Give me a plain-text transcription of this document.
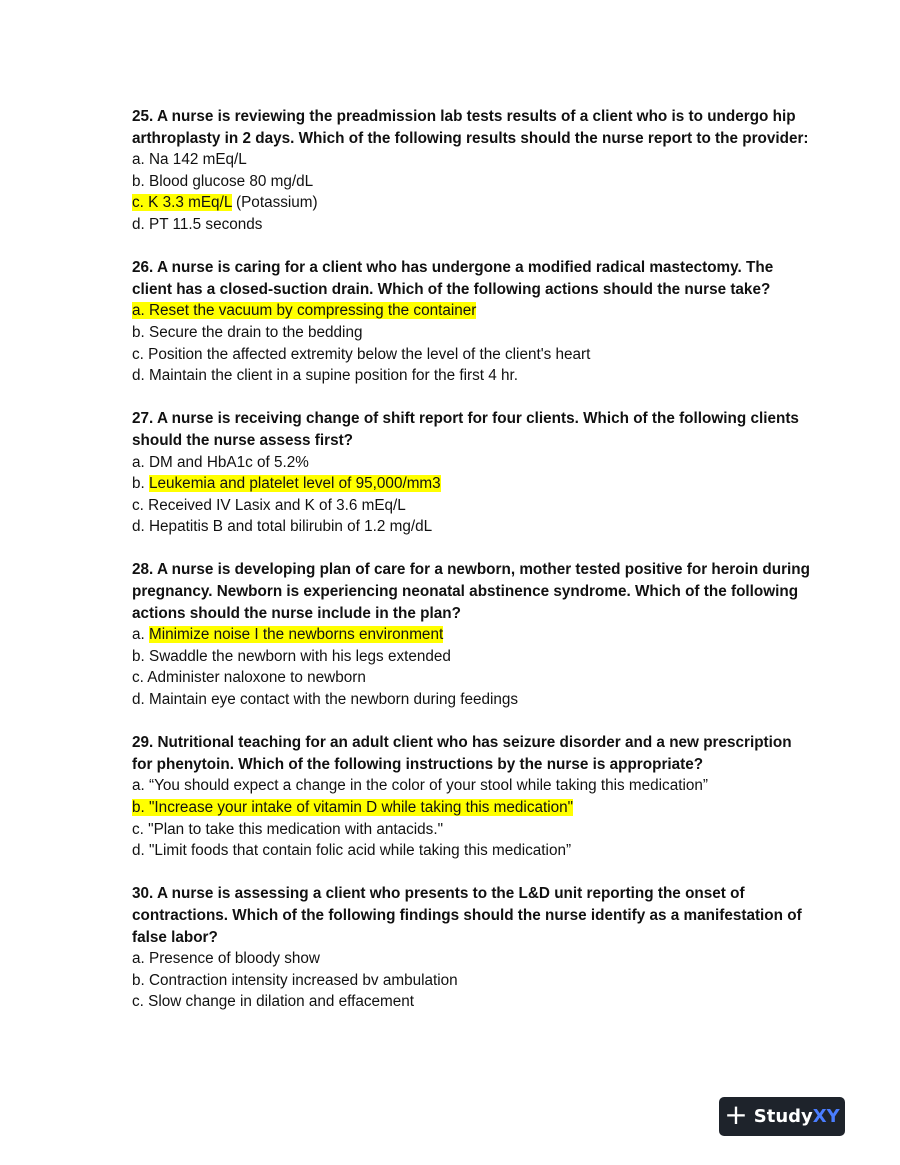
25. A nurse is reviewing the preadmission lab tests results of a client who is to undergo hip arthroplasty in 2 days. Which of the following results should the nurse report to the provider:

a. Na 142 mEq/L

b. Blood glucose 80 mg/dL

c. K 3.3 mEq/L (Potassium)

d. PT 11.5 seconds

26. A nurse is caring for a client who has undergone a modified radical mastectomy. The client has a closed-suction drain. Which of the following actions should the nurse take?

a. Reset the vacuum by compressing the container

b. Secure the drain to the bedding

c. Position the affected extremity below the level of the client's heart

d. Maintain the client in a supine position for the first 4 hr.

27. A nurse is receiving change of shift report for four clients. Which of the following clients should the nurse assess first?

a. DM and HbA1c of 5.2%

b. Leukemia and platelet level of 95,000/mm3

c. Received IV Lasix and K of 3.6 mEq/L

d. Hepatitis B and total bilirubin of 1.2 mg/dL

28. A nurse is developing plan of care for a newborn, mother tested positive for heroin during pregnancy. Newborn is experiencing neonatal abstinence syndrome. Which of the following actions should the nurse include in the plan?

a. Minimize noise I the newborns environment

b. Swaddle the newborn with his legs extended

c. Administer naloxone to newborn

d. Maintain eye contact with the newborn during feedings

29. Nutritional teaching for an adult client who has seizure disorder and a new prescription for phenytoin. Which of the following instructions by the nurse is appropriate?

a. “You should expect a change in the color of your stool while taking this medication”

b. "Increase your intake of vitamin D while taking this medication"

c. "Plan to take this medication with antacids."

d. "Limit foods that contain folic acid while taking this medication”

30. A nurse is assessing a client who presents to the L&D unit reporting the onset of contractions. Which of the following findings should the nurse identify as a manifestation of false labor?

a. Presence of bloody show

b. Contraction intensity increased bv ambulation

c. Slow change in dilation and effacement

+ StudyXY
